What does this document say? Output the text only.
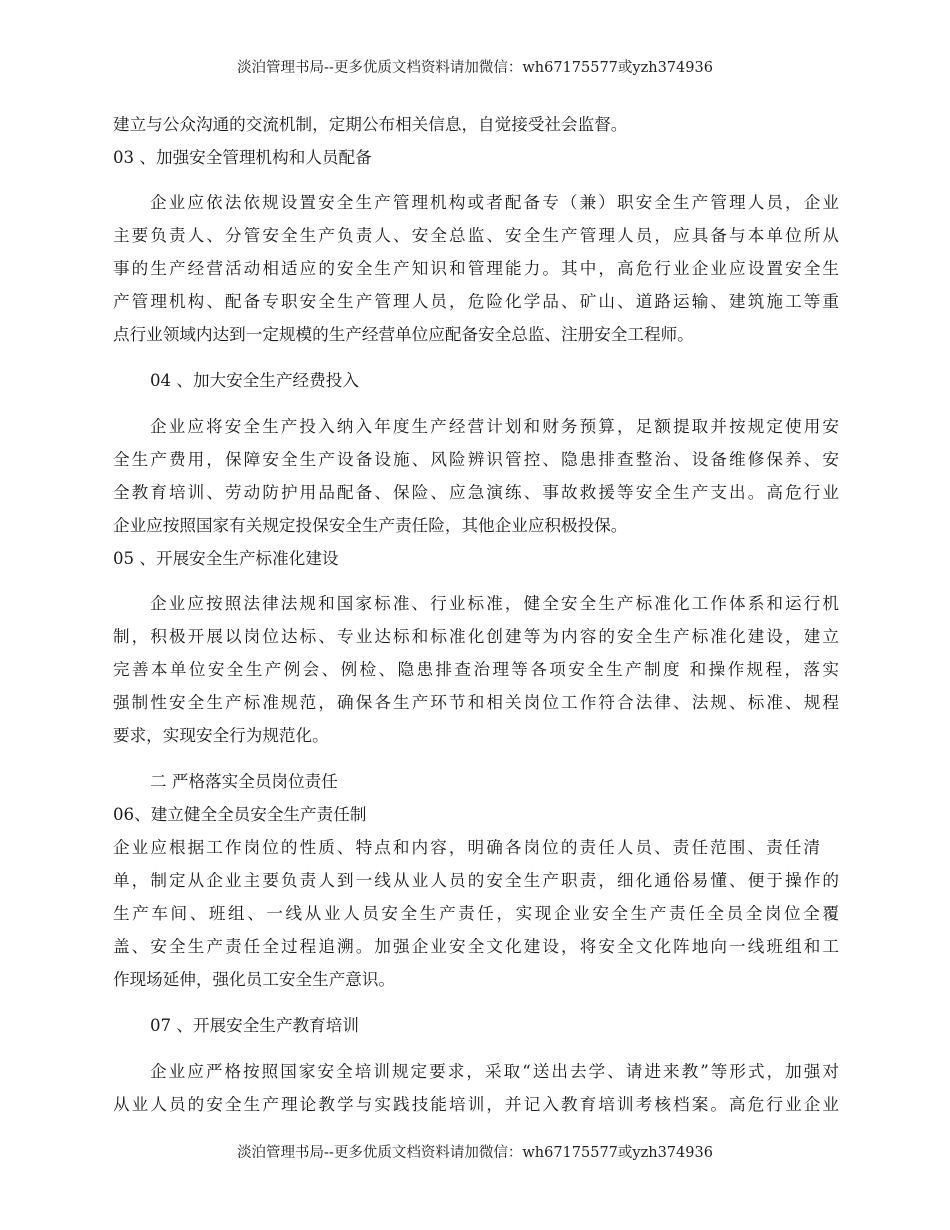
淡泊管理书局--更多优质文档资料请加微信：wh67175577或yzh374936
建立与公众沟通的交流机制，定期公布相关信息，自觉接受社会监督。
03 、加强安全管理机构和人员配备
企业应依法依规设置安全生产管理机构或者配备专（兼）职安全生产管理人员，企业
主要负责人、分管安全生产负责人、安全总监、安全生产管理人员，应具备与本单位所从
事的生产经营活动相适应的安全生产知识和管理能力。其中，高危行业企业应设置安全生
产管理机构、配备专职安全生产管理人员，危险化学品、矿山、道路运输、建筑施工等重
点行业领域内达到一定规模的生产经营单位应配备安全总监、注册安全工程师。
04 、加大安全生产经费投入
企业应将安全生产投入纳入年度生产经营计划和财务预算，足额提取并按规定使用安
全生产费用，保障安全生产设备设施、风险辨识管控、隐患排查整治、设备维修保养、安
全教育培训、劳动防护用品配备、保险、应急演练、事故救援等安全生产支出。高危行业
企业应按照国家有关规定投保安全生产责任险，其他企业应积极投保。
05 、开展安全生产标准化建设
企业应按照法律法规和国家标准、行业标准，健全安全生产标准化工作体系和运行机
制，积极开展以岗位达标、专业达标和标准化创建等为内容的安全生产标准化建设，建立
完善本单位安全生产例会、例检、隐患排查治理等各项安全生产制度 和操作规程，落实
强制性安全生产标准规范，确保各生产环节和相关岗位工作符合法律、法规、标准、规程
要求，实现安全行为规范化。
二 严格落实全员岗位责任
06、建立健全全员安全生产责任制
企业应根据工作岗位的性质、特点和内容，明确各岗位的责任人员、责任范围、责任清
单，制定从企业主要负责人到一线从业人员的安全生产职责，细化通俗易懂、便于操作的
生产车间、班组、一线从业人员安全生产责任，实现企业安全生产责任全员全岗位全覆
盖、安全生产责任全过程追溯。加强企业安全文化建设，将安全文化阵地向一线班组和工
作现场延伸，强化员工安全生产意识。
07 、开展安全生产教育培训
企业应严格按照国家安全培训规定要求，采取“送出去学、请进来教”等形式，加强对
从业人员的安全生产理论教学与实践技能培训，并记入教育培训考核档案。高危行业企业
淡泊管理书局--更多优质文档资料请加微信：wh67175577或yzh374936
